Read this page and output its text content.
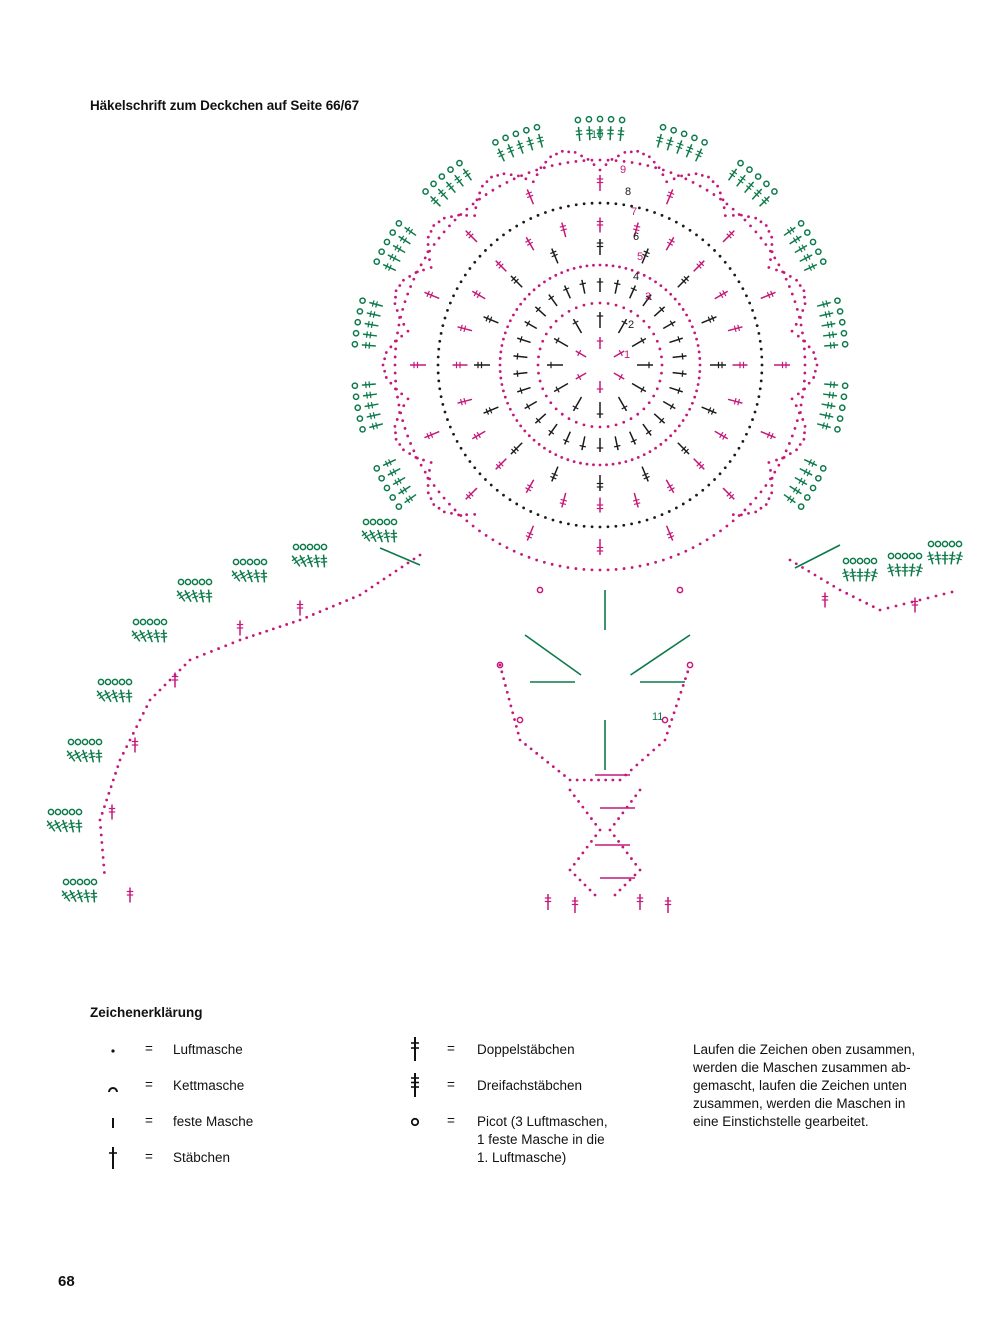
Häkelschrift zum Deckchen auf Seite 66/67
1
2
3
4
5
6
7
8
9
10
11
Zeichenerklärung
= Luftmasche
= Kettmasche
= feste Masche
= Stäbchen
= Doppelstäbchen
= Dreifachstäbchen
= Picot (3 Luftmaschen,
1 feste Masche in die
1. Luftmasche)
Laufen die Zeichen oben zusammen,
werden die Maschen zusammen ab-
gemascht, laufen die Zeichen unten
zusammen, werden die Maschen in
eine Einstichstelle gearbeitet.
68
